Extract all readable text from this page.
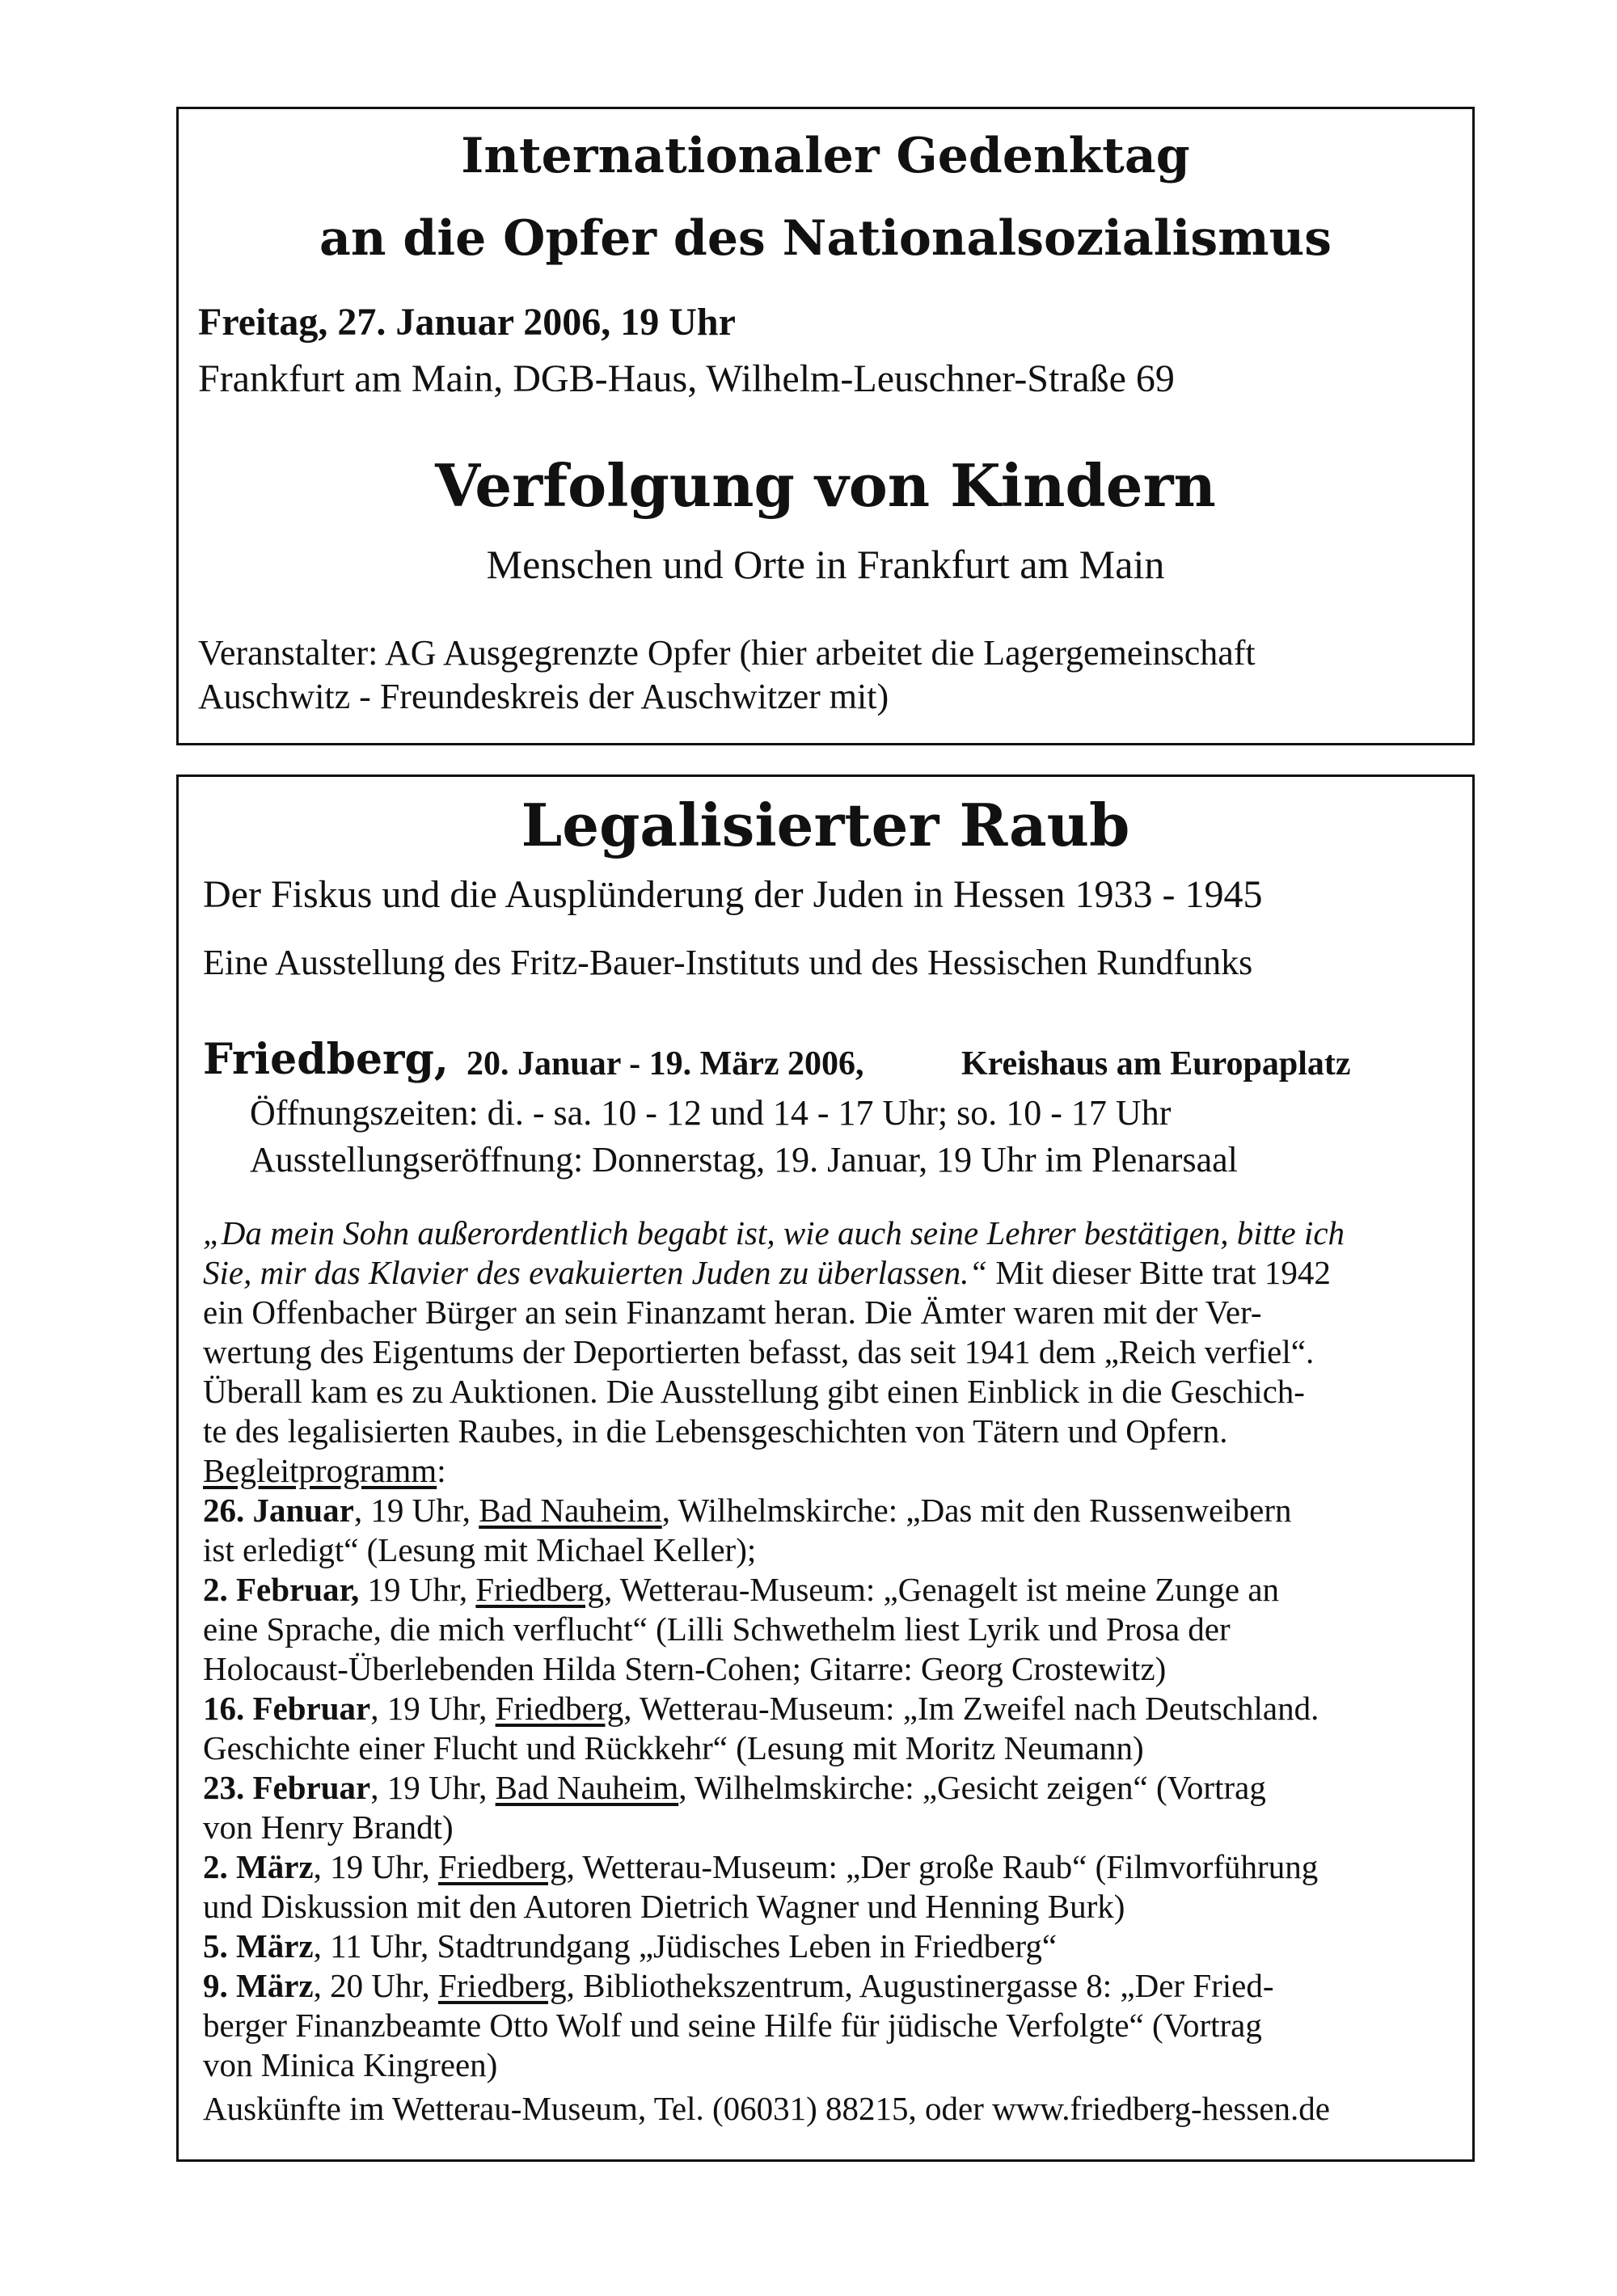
Internationaler Gedenktag
an die Opfer des Nationalsozialismus
Freitag, 27. Januar 2006, 19 Uhr
Frankfurt am Main, DGB-Haus, Wilhelm-Leuschner-Straße 69
Verfolgung von Kindern
Menschen und Orte in Frankfurt am Main
Veranstalter: AG Ausgegrenzte Opfer (hier arbeitet die Lagergemeinschaft
Auschwitz - Freundeskreis der Auschwitzer mit)
Legalisierter Raub
Der Fiskus und die Ausplünderung der Juden in Hessen 1933 - 1945
Eine Ausstellung des Fritz-Bauer-Instituts und des Hessischen Rundfunks
Friedberg, 20. Januar - 19. März 2006,	Kreishaus am Europaplatz
Öffnungszeiten: di. - sa. 10 - 12 und 14 - 17 Uhr; so. 10 - 17 Uhr
Ausstellungseröffnung: Donnerstag, 19. Januar, 19 Uhr im Plenarsaal
„Da mein Sohn außerordentlich begabt ist, wie auch seine Lehrer bestätigen, bitte ich
Sie, mir das Klavier des evakuierten Juden zu überlassen.“ Mit dieser Bitte trat 1942
ein Offenbacher Bürger an sein Finanzamt heran. Die Ämter waren mit der Ver-
wertung des Eigentums der Deportierten befasst, das seit 1941 dem „Reich verfiel“.
Überall kam es zu Auktionen. Die Ausstellung gibt einen Einblick in die Geschich-
te des legalisierten Raubes, in die Lebensgeschichten von Tätern und Opfern.
Begleitprogramm:
26. Januar, 19 Uhr, Bad Nauheim, Wilhelmskirche: „Das mit den Russenweibern
ist erledigt“ (Lesung mit Michael Keller);
2. Februar, 19 Uhr, Friedberg, Wetterau-Museum: „Genagelt ist meine Zunge an
eine Sprache, die mich verflucht“ (Lilli Schwethelm liest Lyrik und Prosa der
Holocaust-Überlebenden Hilda Stern-Cohen; Gitarre: Georg Crostewitz)
16. Februar, 19 Uhr, Friedberg, Wetterau-Museum: „Im Zweifel nach Deutschland.
Geschichte einer Flucht und Rückkehr“ (Lesung mit Moritz Neumann)
23. Februar, 19 Uhr, Bad Nauheim, Wilhelmskirche: „Gesicht zeigen“ (Vortrag
von Henry Brandt)
2. März, 19 Uhr, Friedberg, Wetterau-Museum: „Der große Raub“ (Filmvorführung
und Diskussion mit den Autoren Dietrich Wagner und Henning Burk)
5. März, 11 Uhr, Stadtrundgang „Jüdisches Leben in Friedberg“
9. März, 20 Uhr, Friedberg, Bibliothekszentrum, Augustinergasse 8: „Der Fried-
berger Finanzbeamte Otto Wolf und seine Hilfe für jüdische Verfolgte“ (Vortrag
von Minica Kingreen)
Auskünfte im Wetterau-Museum, Tel. (06031) 88215, oder www.friedberg-hessen.de
